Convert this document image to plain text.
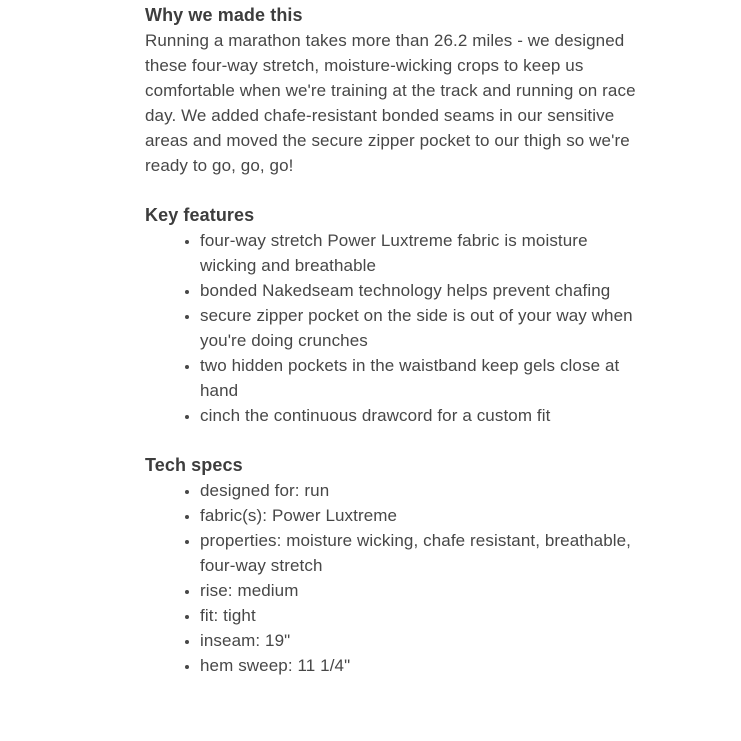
Why we made this

Running a marathon takes more than 26.2 miles - we designed these four-way stretch, moisture-wicking crops to keep us comfortable when we're training at the track and running on race day. We added chafe-resistant bonded seams in our sensitive areas and moved the secure zipper pocket to our thigh so we're ready to go, go, go!

Key features
• four-way stretch Power Luxtreme fabric is moisture wicking and breathable
• bonded Nakedseam technology helps prevent chafing
• secure zipper pocket on the side is out of your way when you're doing crunches
• two hidden pockets in the waistband keep gels close at hand
• cinch the continuous drawcord for a custom fit
Tech specs
• designed for: run
• fabric(s): Power Luxtreme
• properties: moisture wicking, chafe resistant, breathable, four-way stretch
• rise: medium
• fit: tight
• inseam: 19"
• hem sweep: 11 1/4"
